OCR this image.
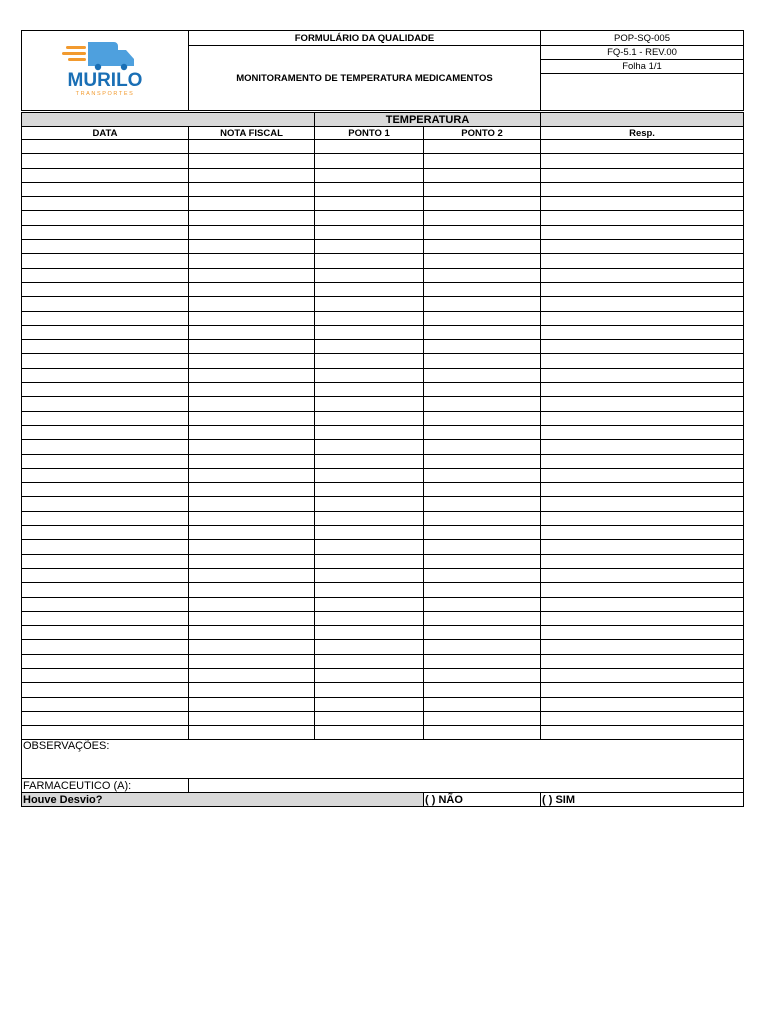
MURILO
TRANSPORTES	FORMULÁRIO DA QUALIDADE	POP-SQ-005
	MONITORAMENTO DE TEMPERATURA MEDICAMENTOS	FQ-5.1 - REV.00
		Folha 1/1

		TEMPERATURA		
DATA	NOTA FISCAL	PONTO 1	PONTO 2	Resp.

OBSERVAÇÕES:				
FARMACEUTICO (A):				
Houve Desvio?			( ) NÃO	( ) SIM
